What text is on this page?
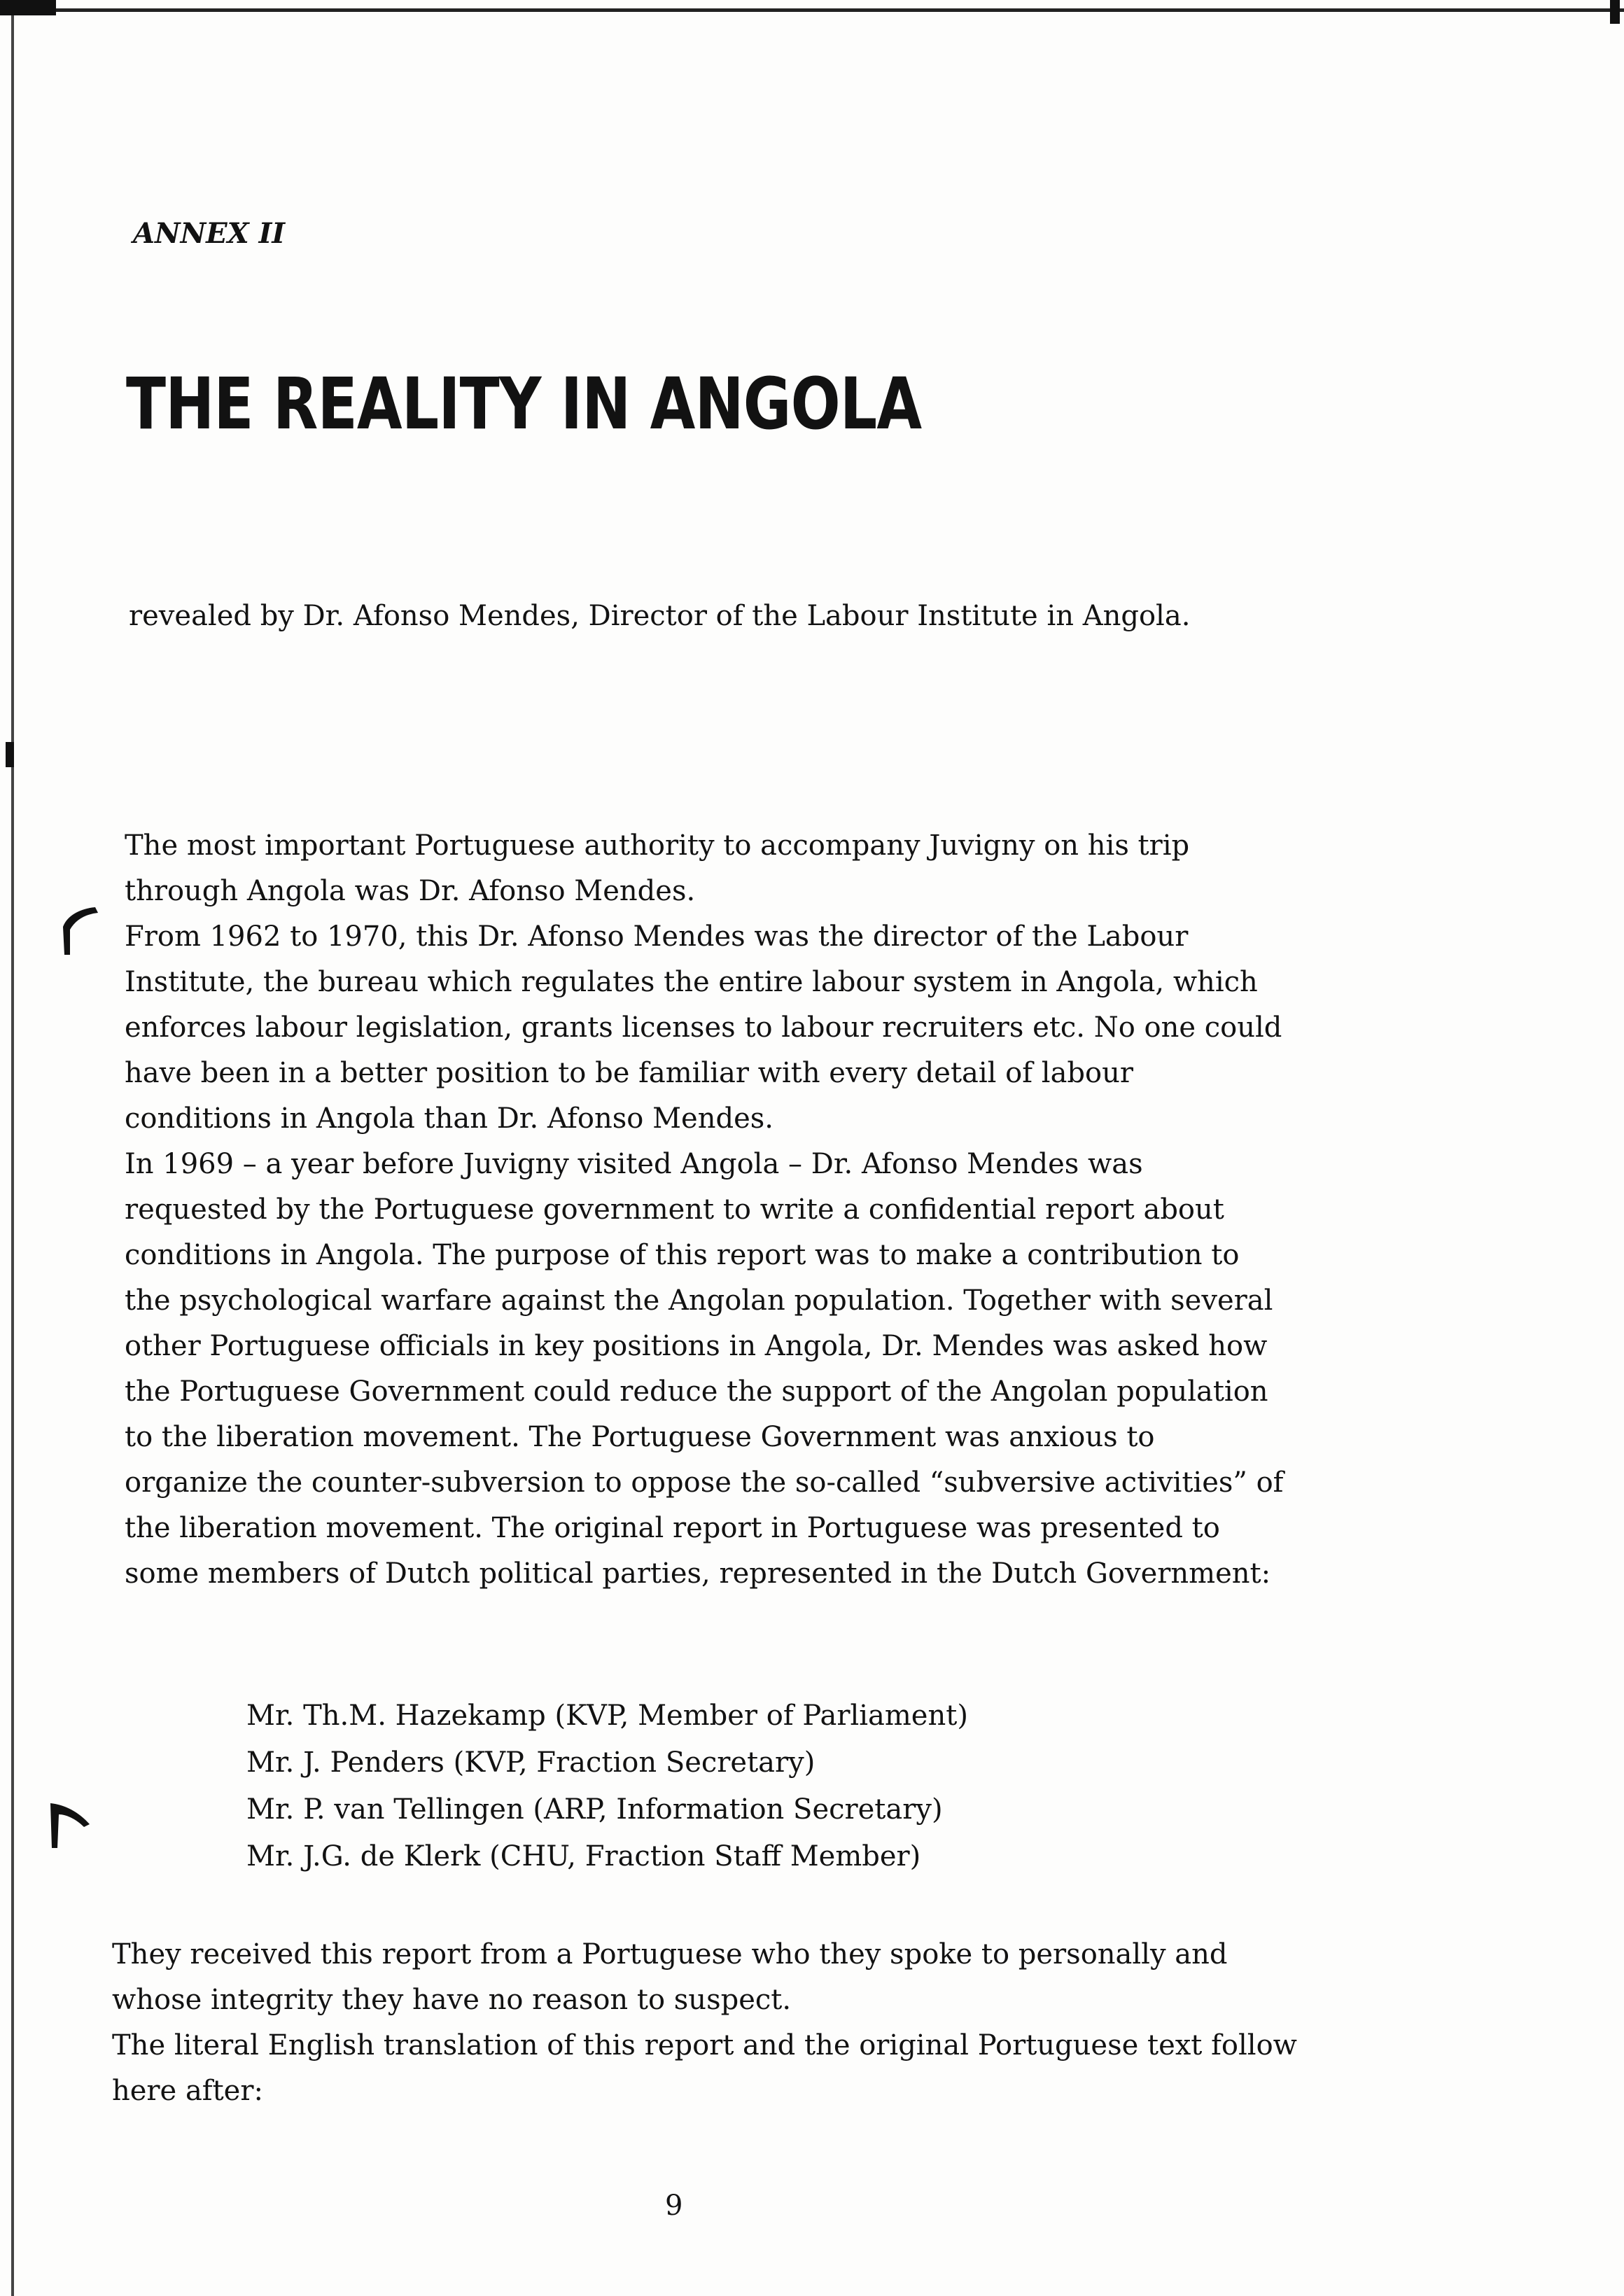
ANNEX II
THE REALITY IN ANGOLA
revealed by Dr. Afonso Mendes, Director of the Labour Institute in Angola.

The most important Portuguese authority to accompany Juvigny on his trip through Angola was Dr. Afonso Mendes.

From 1962 to 1970, this Dr. Afonso Mendes was the director of the Labour Institute, the bureau which regulates the entire labour system in Angola, which enforces labour legislation, grants licenses to labour recruiters etc. No one could have been in a better position to be familiar with every detail of labour conditions in Angola than Dr. Afonso Mendes.

In 1969 – a year before Juvigny visited Angola – Dr. Afonso Mendes was requested by the Portuguese government to write a confidential report about conditions in Angola. The purpose of this report was to make a contribution to the psychological warfare against the Angolan population. Together with several other Portuguese officials in key positions in Angola, Dr. Mendes was asked how the Portuguese Government could reduce the support of the Angolan population to the liberation movement. The Portuguese Government was anxious to organize the counter-subversion to oppose the so-called “subversive activities” of the liberation movement. The original report in Portuguese was presented to some members of Dutch political parties, represented in the Dutch Government:

Mr. Th.M. Hazekamp (KVP, Member of Parliament)
Mr. J. Penders (KVP, Fraction Secretary)
Mr. P. van Tellingen (ARP, Information Secretary)
Mr. J.G. de Klerk (CHU, Fraction Staff Member)

They received this report from a Portuguese who they spoke to personally and whose integrity they have no reason to suspect.

The literal English translation of this report and the original Portuguese text follow here after:

9
